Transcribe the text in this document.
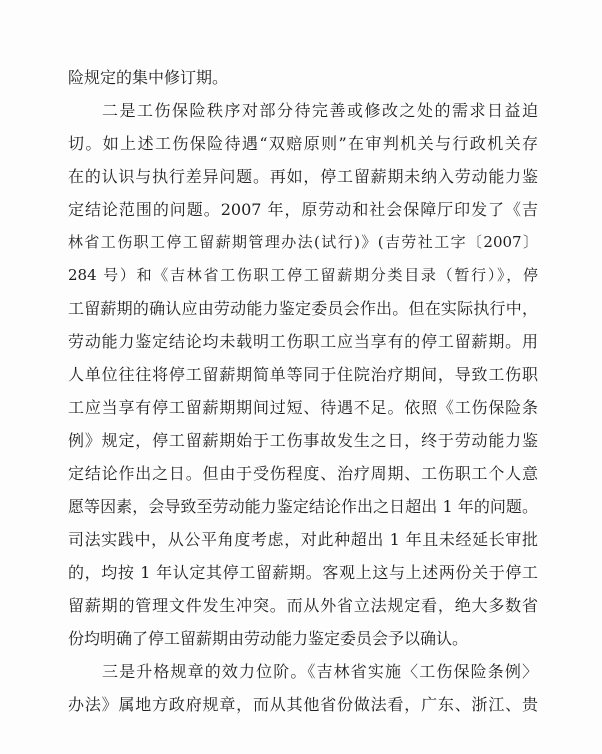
险规定的集中修订期。
二是工伤保险秩序对部分待完善或修改之处的需求日益迫
切。如上述工伤保险待遇“双赔原则”在审判机关与行政机关存
在的认识与执行差异问题。再如，停工留薪期未纳入劳动能力鉴
定结论范围的问题。2007 年，原劳动和社会保障厅印发了《吉
林省工伤职工停工留薪期管理办法(试行)》(吉劳社工字〔2007〕
284 号）和《吉林省工伤职工停工留薪期分类目录（暂行）》，停
工留薪期的确认应由劳动能力鉴定委员会作出。但在实际执行中，
劳动能力鉴定结论均未载明工伤职工应当享有的停工留薪期。用
人单位往往将停工留薪期简单等同于住院治疗期间，导致工伤职
工应当享有停工留薪期期间过短、待遇不足。依照《工伤保险条
例》规定，停工留薪期始于工伤事故发生之日，终于劳动能力鉴
定结论作出之日。但由于受伤程度、治疗周期、工伤职工个人意
愿等因素，会导致至劳动能力鉴定结论作出之日超出 1 年的问题。
司法实践中，从公平角度考虑，对此种超出 1 年且未经延长审批
的，均按 1 年认定其停工留薪期。客观上这与上述两份关于停工
留薪期的管理文件发生冲突。而从外省立法规定看，绝大多数省
份均明确了停工留薪期由劳动能力鉴定委员会予以确认。
三是升格规章的效力位阶。《吉林省实施〈工伤保险条例〉
办法》属地方政府规章，而从其他省份做法看，广东、浙江、贵
